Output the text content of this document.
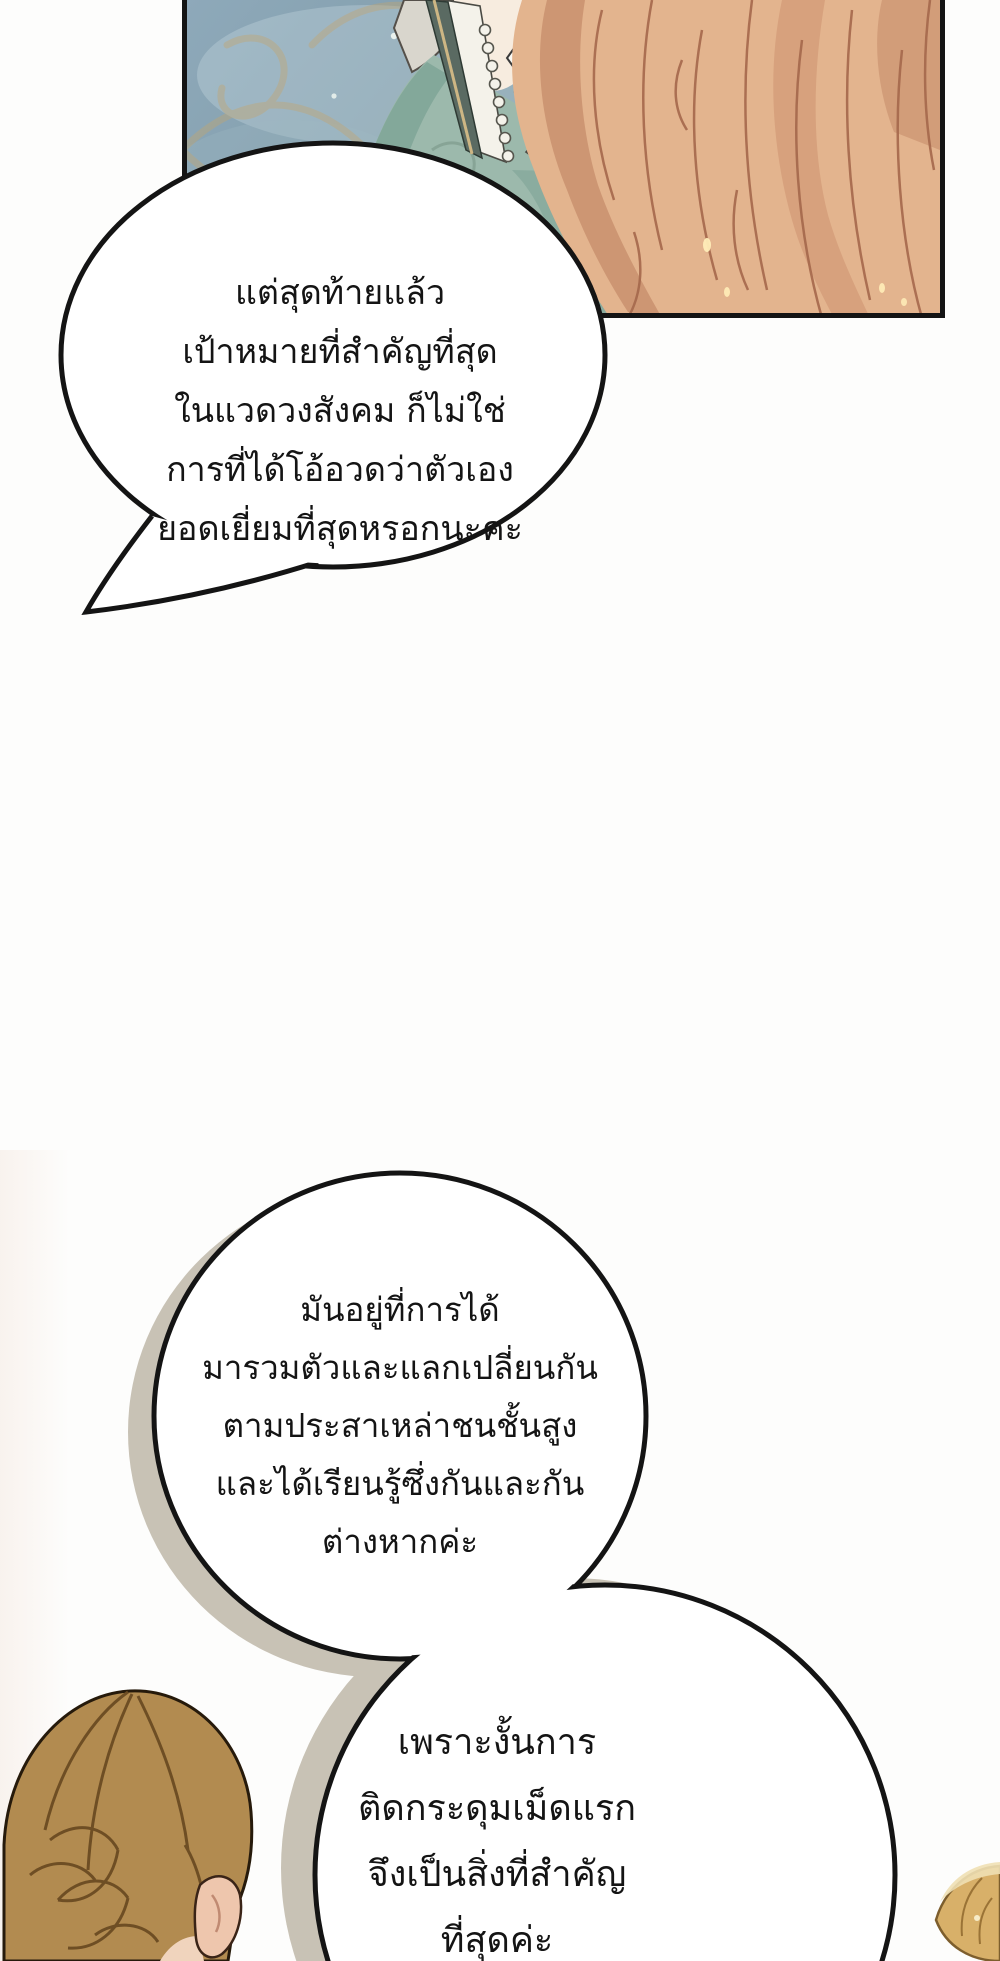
แต่สุดท้ายแล้ว
เป้าหมายที่สำคัญที่สุด
ในแวดวงสังคม ก็ไม่ใช่
การที่ได้โอ้อวดว่าตัวเอง
ยอดเยี่ยมที่สุดหรอกนะคะ
มันอยู่ที่การได้
มารวมตัวและแลกเปลี่ยนกัน
ตามประสาเหล่าชนชั้นสูง
และได้เรียนรู้ซึ่งกันและกัน
ต่างหากค่ะ
เพราะงั้นการ
ติดกระดุมเม็ดแรก
จึงเป็นสิ่งที่สำคัญ
ที่สุดค่ะ
